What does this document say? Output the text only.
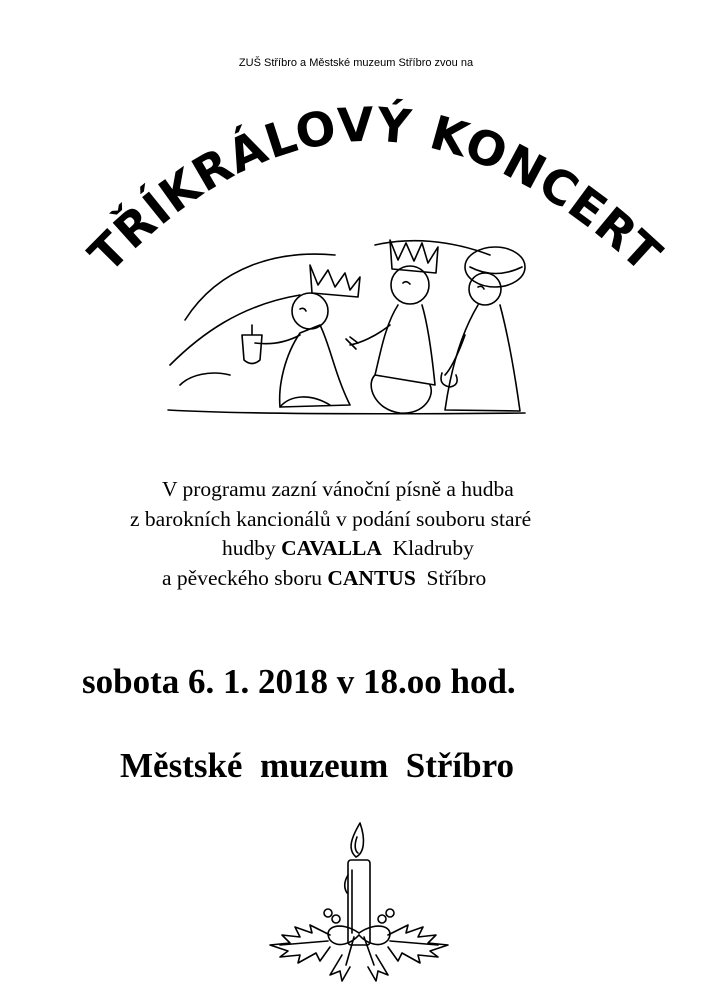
ZUŠ Stříbro a Městské muzeum Stříbro zvou na
TŘÍKRÁLOVÝ KONCERT

V programu zazní vánoční písně a hudba

z barokních kancionálů v podání souboru staré

hudby CAVALLA  Kladruby

a pěveckého sboru CANTUS  Stříbro

sobota 6. 1. 2018 v 18.oo hod.
Městské  muzeum  Stříbro
